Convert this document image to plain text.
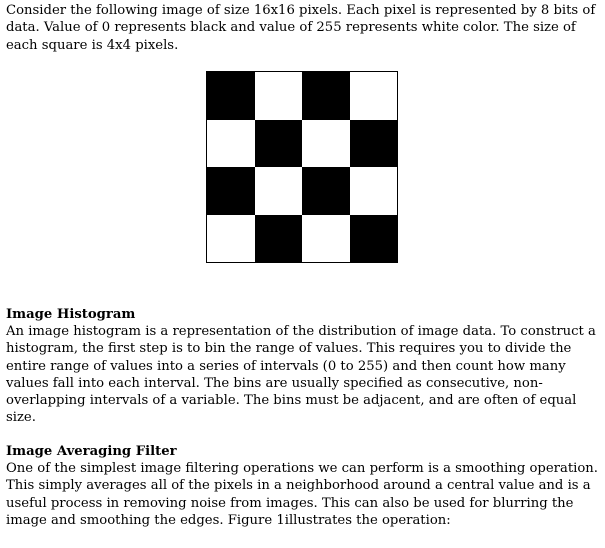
Consider the following image of size 16x16 pixels. Each pixel is represented by 8 bits of data. Value of 0 represents black and value of 255 represents white color. The size of each square is 4x4 pixels.

Image Histogram

An image histogram is a representation of the distribution of image data. To construct a histogram, the first step is to bin the range of values. This requires you to divide the entire range of values into a series of intervals (0 to 255) and then count how many values fall into each interval. The bins are usually specified as consecutive, non-overlapping intervals of a variable. The bins must be adjacent, and are often of equal size.

Image Averaging Filter

One of the simplest image filtering operations we can perform is a smoothing operation. This simply averages all of the pixels in a neighborhood around a central value and is a useful process in removing noise from images. This can also be used for blurring the image and smoothing the edges. Figure 1illustrates the operation:
